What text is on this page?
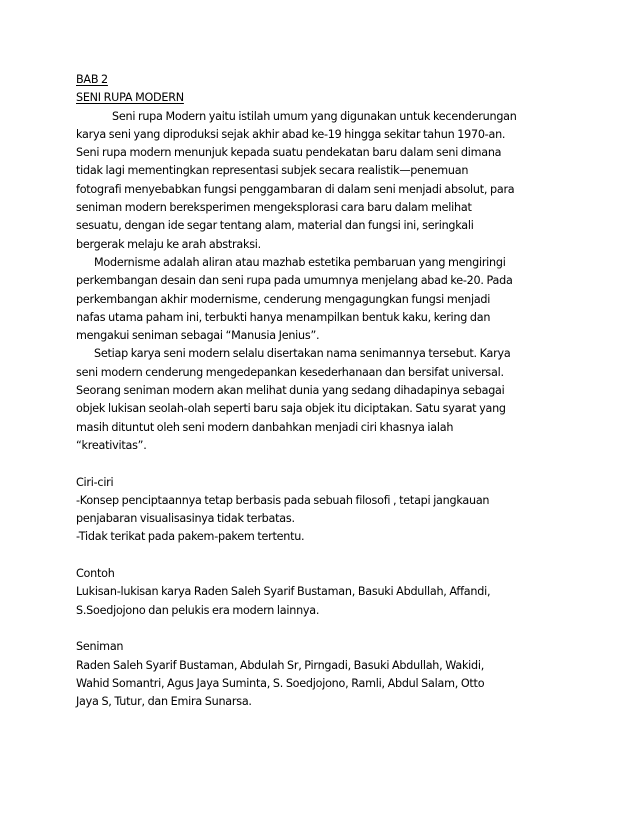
BAB 2
SENI RUPA MODERN
Seni rupa Modern yaitu istilah umum yang digunakan untuk kecenderungan
karya seni yang diproduksi sejak akhir abad ke-19 hingga sekitar tahun 1970-an.
Seni rupa modern menunjuk kepada suatu pendekatan baru dalam seni dimana
tidak lagi mementingkan representasi subjek secara realistik—penemuan
fotografi menyebabkan fungsi penggambaran di dalam seni menjadi absolut, para
seniman modern bereksperimen mengeksplorasi cara baru dalam melihat
sesuatu, dengan ide segar tentang alam, material dan fungsi ini, seringkali
bergerak melaju ke arah abstraksi.
Modernisme adalah aliran atau mazhab estetika pembaruan yang mengiringi
perkembangan desain dan seni rupa pada umumnya menjelang abad ke-20. Pada
perkembangan akhir modernisme, cenderung mengagungkan fungsi menjadi
nafas utama paham ini, terbukti hanya menampilkan bentuk kaku, kering dan
mengakui seniman sebagai “Manusia Jenius”.
Setiap karya seni modern selalu disertakan nama senimannya tersebut. Karya
seni modern cenderung mengedepankan kesederhanaan dan bersifat universal.
Seorang seniman modern akan melihat dunia yang sedang dihadapinya sebagai
objek lukisan seolah-olah seperti baru saja objek itu diciptakan. Satu syarat yang
masih dituntut oleh seni modern danbahkan menjadi ciri khasnya ialah
“kreativitas”.
Ciri-ciri
-Konsep penciptaannya tetap berbasis pada sebuah filosofi , tetapi jangkauan
penjabaran visualisasinya tidak terbatas.
-Tidak terikat pada pakem-pakem tertentu.
Contoh
Lukisan-lukisan karya Raden Saleh Syarif Bustaman, Basuki Abdullah, Affandi,
S.Soedjojono dan pelukis era modern lainnya.
Seniman
Raden Saleh Syarif Bustaman, Abdulah Sr, Pirngadi, Basuki Abdullah, Wakidi,
Wahid Somantri, Agus Jaya Suminta, S. Soedjojono, Ramli, Abdul Salam, Otto
Jaya S, Tutur, dan Emira Sunarsa.
